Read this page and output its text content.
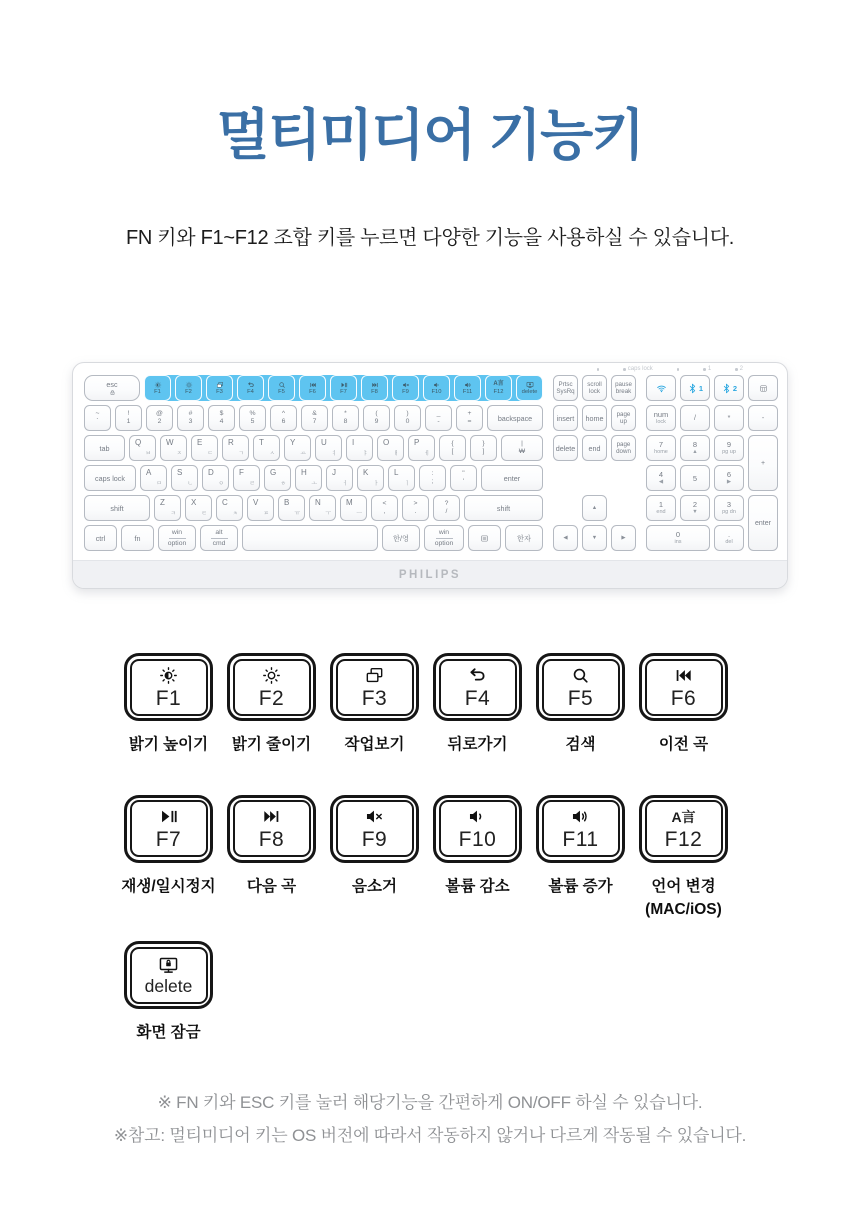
멀티미디어 기능키

FN 키와 F1~F12 조합 키를 누르면 다양한 기능을 사용하실 수 있습니다.

caps lock	1	2
esc
F1	F2	F3	F4	F5	F6	F7	F8	F9	F10	F11
A言
F12	delete
~
`
!
1
@
2
#
3
$
4
%
5
^
6
&
7
*
8
(
9
)
0
_
-
+
=	backspace
tab
Q
ㅂ
W
ㅈ
E
ㄷ
R
ㄱ
T
ㅅ
Y
ㅛ
U
ㅕ
I
ㅑ
O
ㅐ
P
ㅔ
{
[
}
]
|
₩
caps lock
A
ㅁ
S
ㄴ
D
ㅇ
F
ㄹ
G
ㅎ
H
ㅗ
J
ㅓ
K
ㅏ
L
ㅣ
:
;
"
'	enter
shift
Z
ㅋ
X
ㅌ
C
ㅊ
V
ㅍ
B
ㅠ
N
ㅜ
M
ㅡ
<
,
>
.
?
/	shift
ctrl	fn
win
option
alt
cmd
한/영
win
option
한자
Prtsc
SysRq
scroll
lock
pause
break
insert home page
up
delete end	page
down
▲
◀	▼	▶
1	2
num
lock
/	*	-
7
home
8
▲
9
pg up
+
4
◀	5	6
▶
1
end
2
▼
3
pg dn
enter
0
ins
.
del
PHILIPS
F1
밝기 높이기
F2
밝기 줄이기
F3
작업보기
F4
뒤로가기
F5
검색
F6
이전 곡
F7
재생/일시정지
F8
다음 곡
F9
음소거
F10
볼륨 감소
F11
볼륨 증가
A言
F12
언어 변경
(MAC/iOS)
delete
화면 잠금

※ FN 키와 ESC 키를 눌러 해당기능을 간편하게 ON/OFF 하실 수 있습니다.

※참고: 멀티미디어 키는 OS 버전에 따라서 작동하지 않거나 다르게 작동될 수 있습니다.
